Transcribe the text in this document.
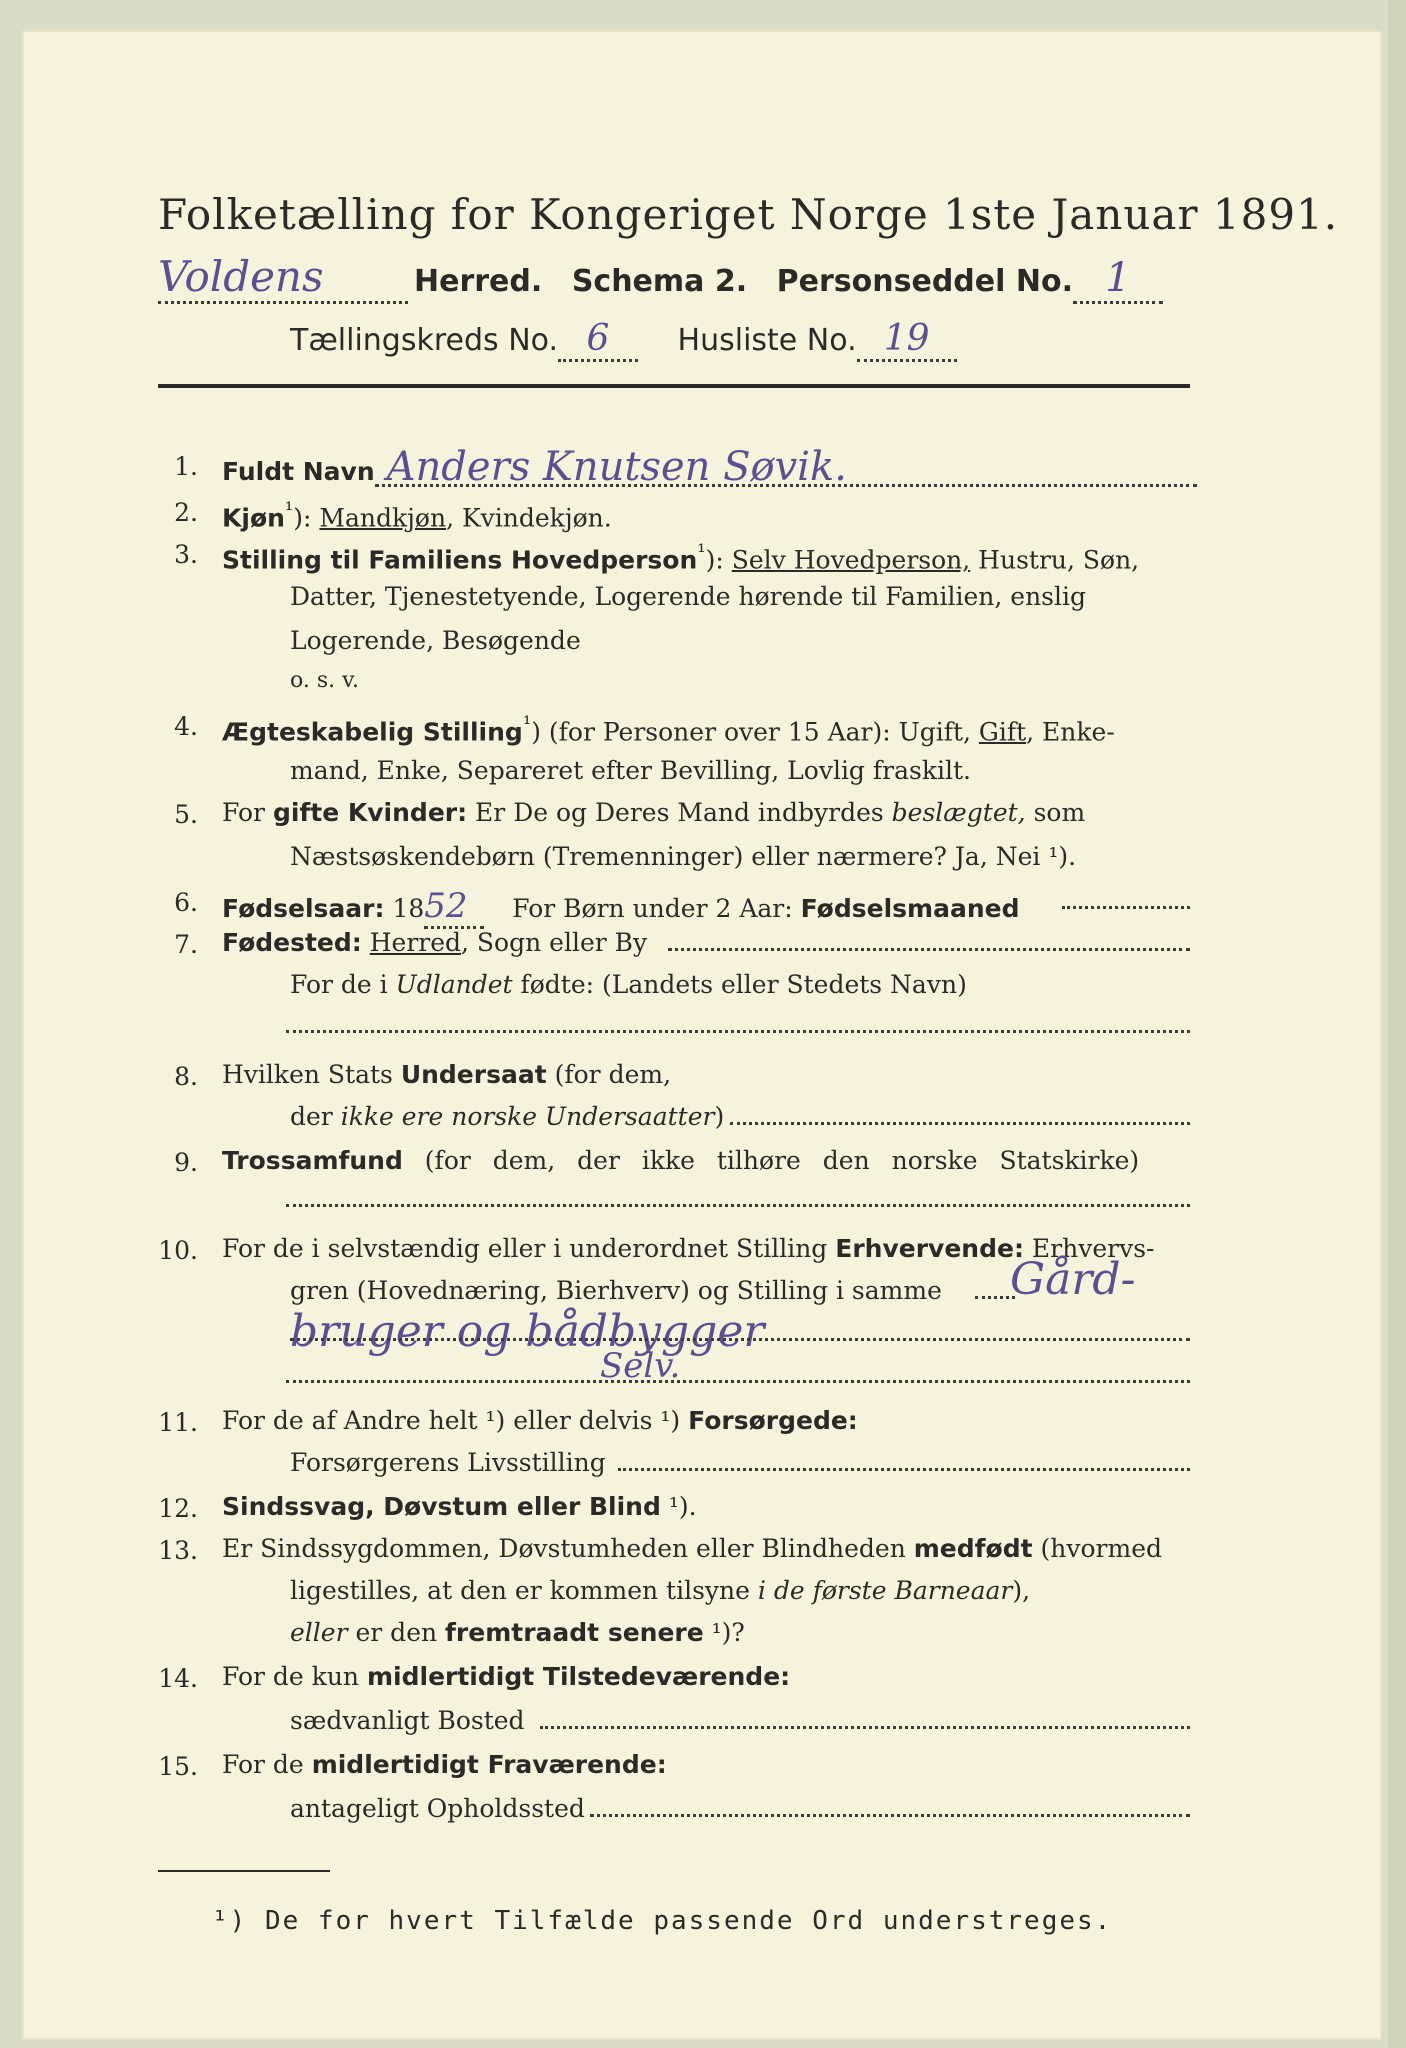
Folketælling for Kongeriget Norge 1ste Januar 1891.
Voldens	Herred. Schema 2. Personseddel No. 1
Tællingskreds No. 6 Husliste No. 19
1. Fuldt Navn Anders Knutsen Søvik.
2. Kjøn$^{^1}$): Mandkjøn, Kvindekjøn.
3. Stilling til Familiens Hovedperson$^{^1}$): Selv Hovedperson, Hustru, Søn,
Datter, Tjenestetyende, Logerende hørende til Familien, enslig
Logerende, Besøgende
o. s. v.
4. Ægteskabelig Stilling$^{^1}$) (for Personer over 15 Aar): Ugift, Gift, Enke-
mand, Enke, Separeret efter Bevilling, Lovlig fraskilt.
5. For gifte Kvinder: Er De og Deres Mand indbyrdes beslægtet, som
Næstsøskendebørn (Tremenninger) eller nærmere? Ja, Nei ¹).
6. Fødselsaar: 1852 For Børn under 2 Aar: Fødselsmaaned
7. Fødested: Herred, Sogn eller By
For de i Udlandet fødte: (Landets eller Stedets Navn)
8. Hvilken Stats Undersaat (for dem,
der ikke ere norske Undersaatter)
9. Trossamfund (for dem, der ikke tilhøre den norske Statskirke)
10. For de i selvstændig eller i underordnet Stilling Erhvervende: Erhvervs-
gren (Hovednæring, Bierhverv) og Stilling i samme Gård-
bruger og bådbygger
Selv.
11. For de af Andre helt ¹) eller delvis ¹) Forsørgede:
Forsørgerens Livsstilling
12. Sindssvag, Døvstum eller Blind ¹).
13. Er Sindssygdommen, Døvstumheden eller Blindheden medfødt (hvormed
ligestilles, at den er kommen tilsyne i de første Barneaar),
eller er den fremtraadt senere ¹)?
14. For de kun midlertidigt Tilstedeværende:
sædvanligt Bosted
15. For de midlertidigt Fraværende:
antageligt Opholdssted
¹) De for hvert Tilfælde passende Ord understreges.
